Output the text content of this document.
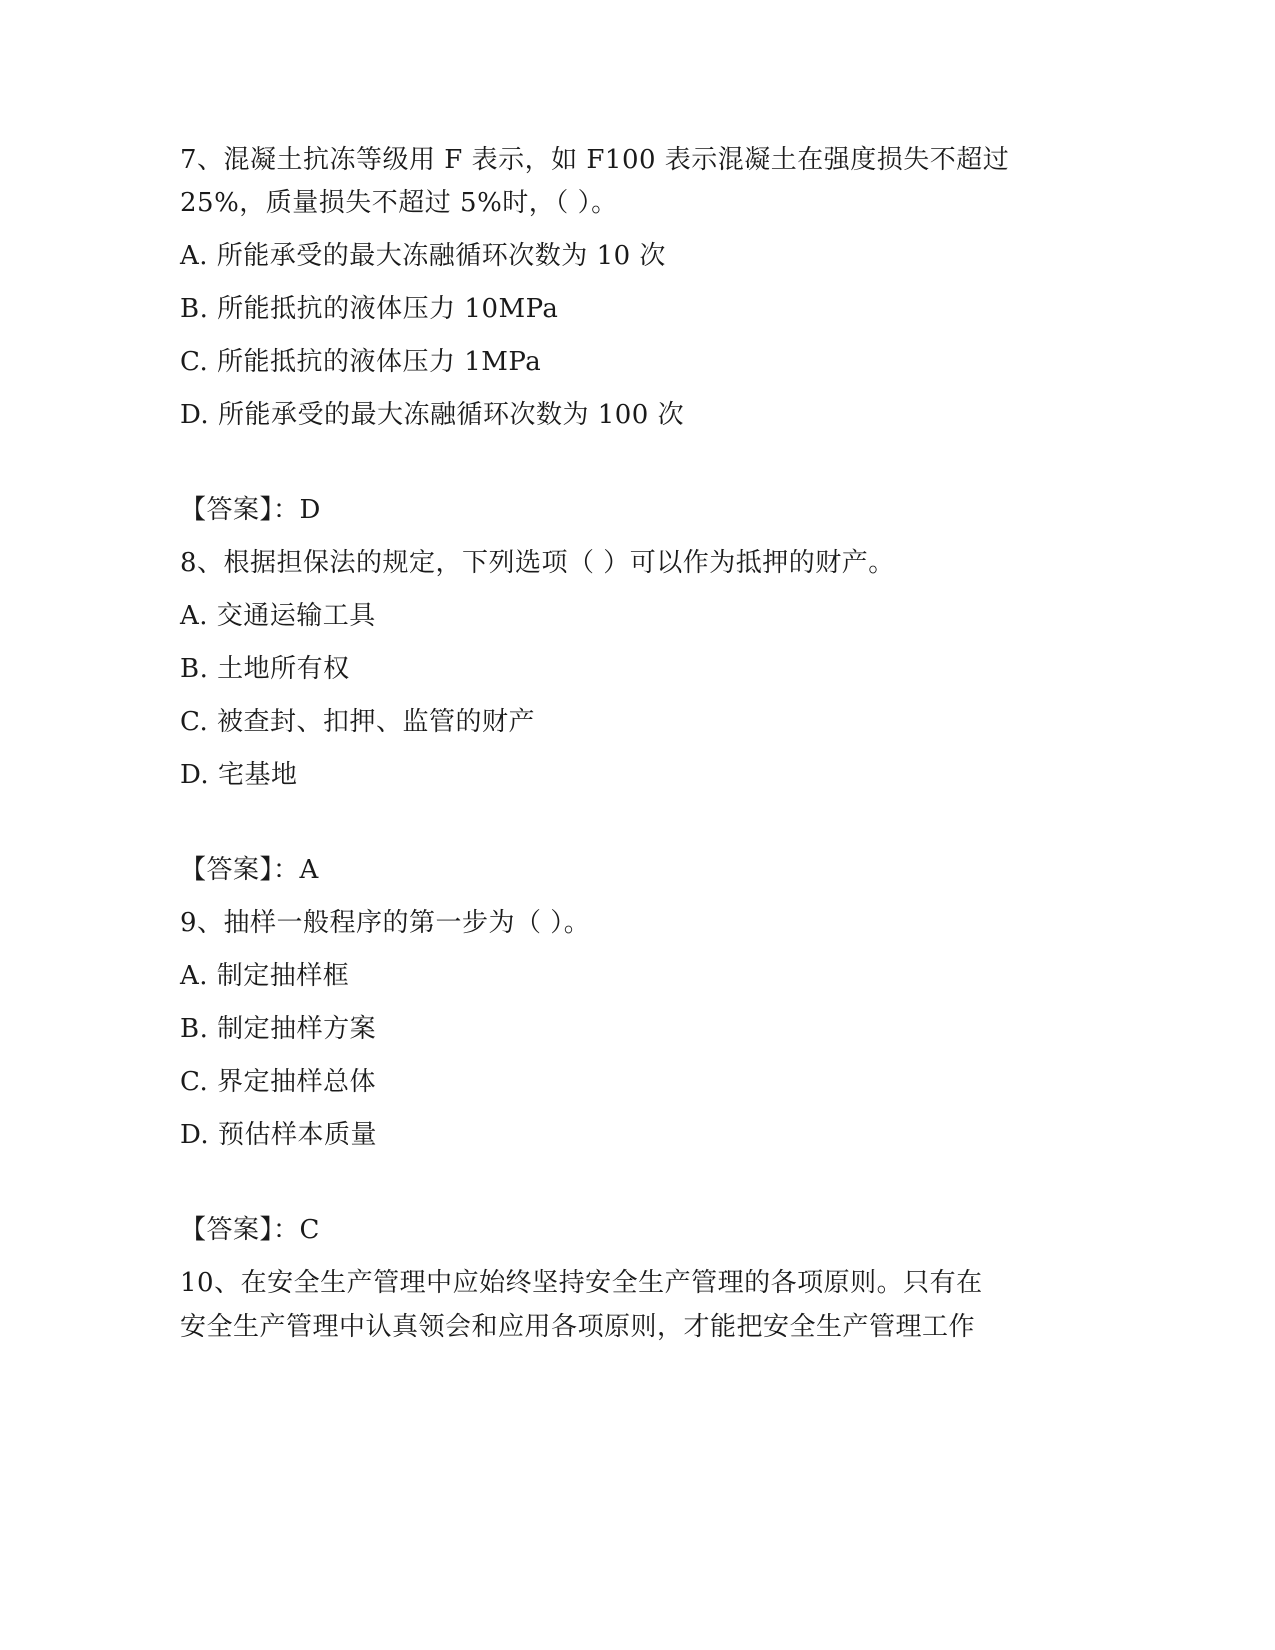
7、混凝土抗冻等级用 F 表示，如 F100 表示混凝土在强度损失不超过
25%，质量损失不超过 5%时，（ ）。
A. 所能承受的最大冻融循环次数为 10 次
B. 所能抵抗的液体压力 10MPa
C. 所能抵抗的液体压力 1MPa
D. 所能承受的最大冻融循环次数为 100 次
【答案】：D
8、根据担保法的规定，下列选项（ ）可以作为抵押的财产。
A. 交通运输工具
B. 土地所有权
C. 被查封、扣押、监管的财产
D. 宅基地
【答案】：A
9、抽样一般程序的第一步为（ ）。
A. 制定抽样框
B. 制定抽样方案
C. 界定抽样总体
D. 预估样本质量
【答案】：C
10、在安全生产管理中应始终坚持安全生产管理的各项原则。只有在
安全生产管理中认真领会和应用各项原则，才能把安全生产管理工作
